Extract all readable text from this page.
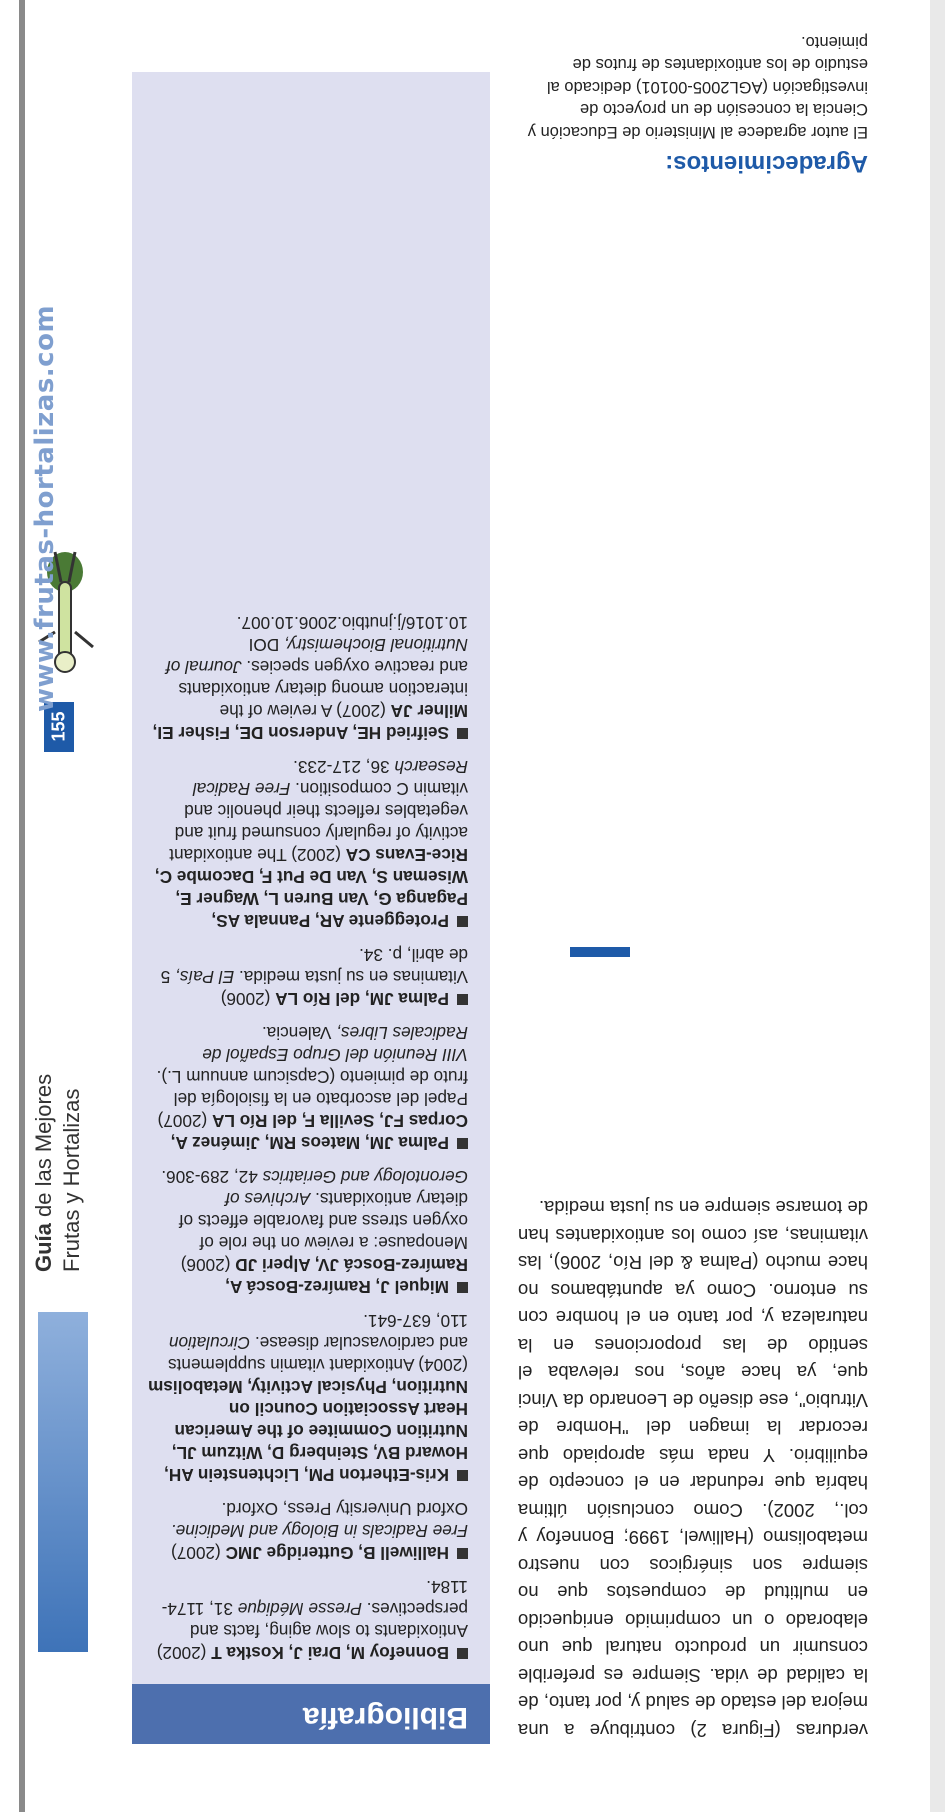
Guía de las Mejores Frutas y Hortalizas
155
www.frutas-hortalizas.com
Bibliografía
Bonnefoy M, Drai J, Kostka T (2002) Antioxidants to slow aging, facts and perspectives. Presse Médique 31, 1174-1184.
Halliwell B, Gutteridge JMC (2007) Free Radicals in Biology and Medicine. Oxford University Press, Oxford.
Kris-Etherton PM, Lichtenstein AH, Howard BV, Steinberg D, Witzum JL, Nutrition Commitee of the American Heart Association Council on Nutrition, Physical Activity, Metabolism (2004) Antioxidant vitamin supplements and cardiovascular disease. Circulation 110, 637-641.
Miquel J, Ramírez-Boscá A, Ramírez-Boscá JV, Alperi JD (2006) Menopause: a review on the role of oxygen stress and favorable effects of dietary antioxidants. Archives of Gerontology and Geriatrics 42, 289-306.
Palma JM, Mateos RM, Jiménez A, Corpas FJ, Sevilla F, del Río LA (2007) Papel del ascorbato en la fisiología del fruto de pimiento (Capsicum annuum L.). VIII Reunión del Grupo Español de Radicales Libres, Valencia.
Palma JM, del Río LA (2006) Vitaminas en su justa medida. El País, 5 de abril, p. 34.
Proteggente AR, Pannala AS, Paganga G, Van Buren L, Wagner E, Wiseman S, Van De Put F, Dacombe C, Rice-Evans CA (2002) The antioxidant activity of regularly consumed fruit and vegetables reflects their phenolic and vitamin C composition. Free Radical Research 36, 217-233.
Seifried HE, Anderson DE, Fisher EI, Milner JA (2007) A review of the interaction among dietary antioxidants and reactive oxygen species. Journal of Nutritional Biochemistry, DOI 10.1016/j.jnutbio.2006.10.007.
verduras (Figura 2) contribuye a una mejora del estado de salud y, por tanto, de la calidad de vida. Siempre es preferible consumir un producto natural que uno elaborado o un comprimido enriquecido en multitud de compuestos que no siempre son sinérgicos con nuestro metabolismo (Halliwel, 1999; Bonnefoy y col., 2002). Como conclusión última habría que redundar en el concepto de equilibrio. Y nada más apropiado que recordar la imagen del "Hombre de Vitrubio", ese diseño de Leonardo da Vinci que, ya hace años, nos relevaba el sentido de las proporciones en la naturaleza y, por tanto en el hombre con su entorno. Como ya apuntábamos no hace mucho (Palma & del Río, 2006), las vitaminas, así como los antioxidantes han de tomarse siempre en su justa medida.
Agradecimientos:
El autor agradece al Ministerio de Educación y Ciencia la concesión de un proyecto de investigación (AGL2005-00101) dedicado al estudio de los antioxidantes de frutos de pimiento.
